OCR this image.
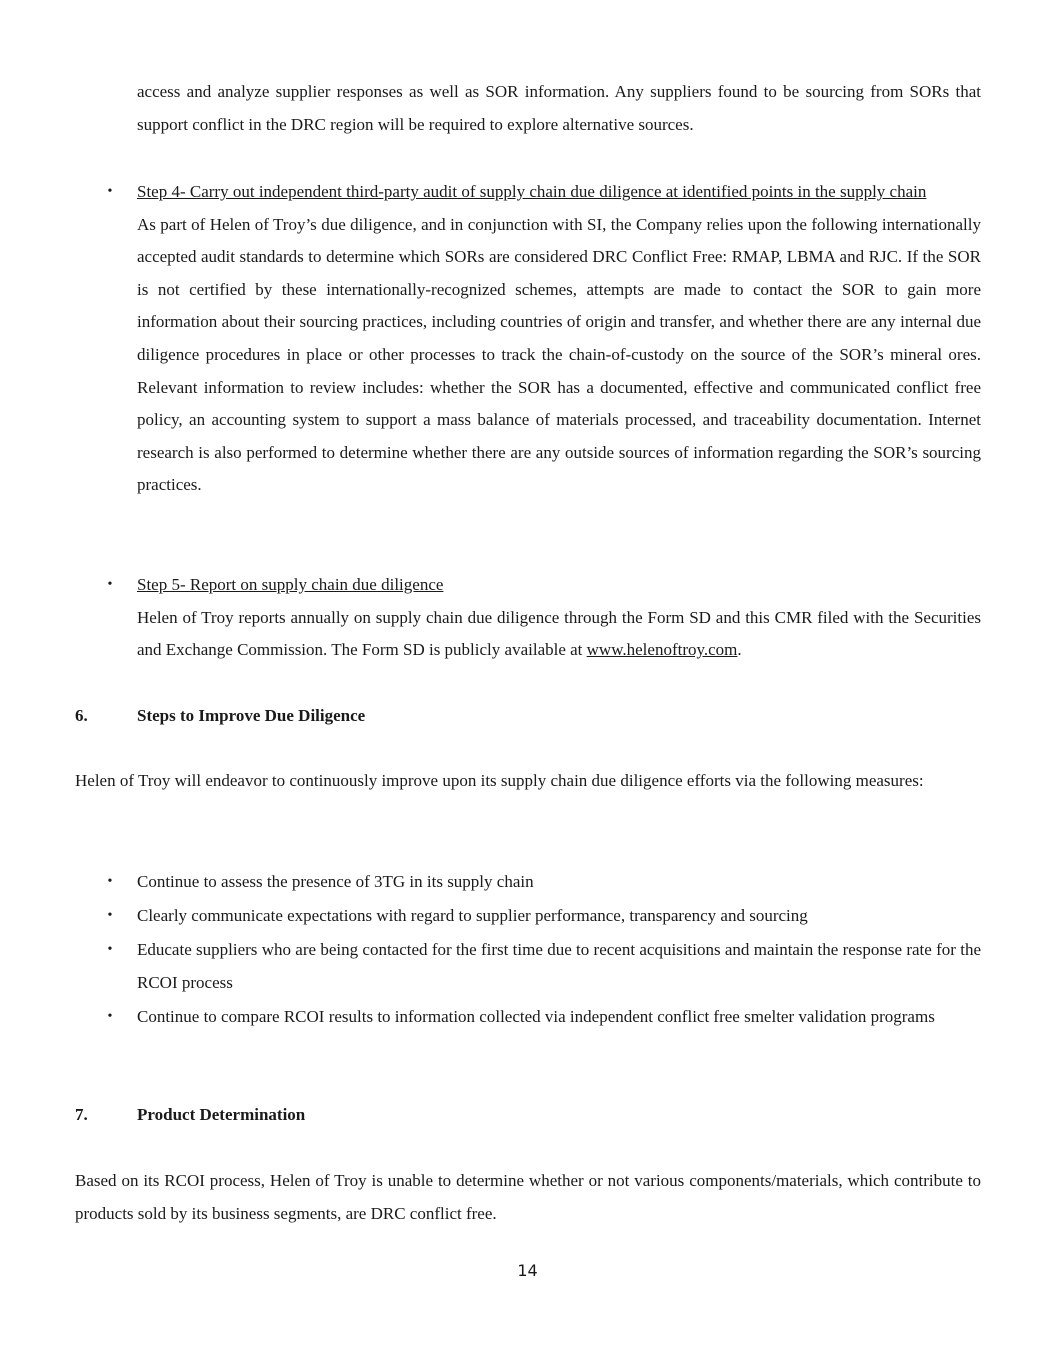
access and analyze supplier responses as well as SOR information. Any suppliers found to be sourcing from SORs that support conflict in the DRC region will be required to explore alternative sources.

• Step 4- Carry out independent third-party audit of supply chain due diligence at identified points in the supply chain

As part of Helen of Troy’s due diligence, and in conjunction with SI, the Company relies upon the following internationally accepted audit standards to determine which SORs are considered DRC Conflict Free: RMAP, LBMA and RJC. If the SOR is not certified by these internationally-recognized schemes, attempts are made to contact the SOR to gain more information about their sourcing practices, including countries of origin and transfer, and whether there are any internal due diligence procedures in place or other processes to track the chain-of-custody on the source of the SOR’s mineral ores. Relevant information to review includes: whether the SOR has a documented, effective and communicated conflict free policy, an accounting system to support a mass balance of materials processed, and traceability documentation. Internet research is also performed to determine whether there are any outside sources of information regarding the SOR’s sourcing practices.

• Step 5- Report on supply chain due diligence

Helen of Troy reports annually on supply chain due diligence through the Form SD and this CMR filed with the Securities and Exchange Commission. The Form SD is publicly available at www.helenoftroy.com.

6.	Steps to Improve Due Diligence

Helen of Troy will endeavor to continuously improve upon its supply chain due diligence efforts via the following measures:

• Continue to assess the presence of 3TG in its supply chain

• Clearly communicate expectations with regard to supplier performance, transparency and sourcing

• Educate suppliers who are being contacted for the first time due to recent acquisitions and maintain the response rate for the RCOI process

• Continue to compare RCOI results to information collected via independent conflict free smelter validation programs

7.	Product Determination

Based on its RCOI process, Helen of Troy is unable to determine whether or not various components/materials, which contribute to products sold by its business segments, are DRC conflict free.

14
